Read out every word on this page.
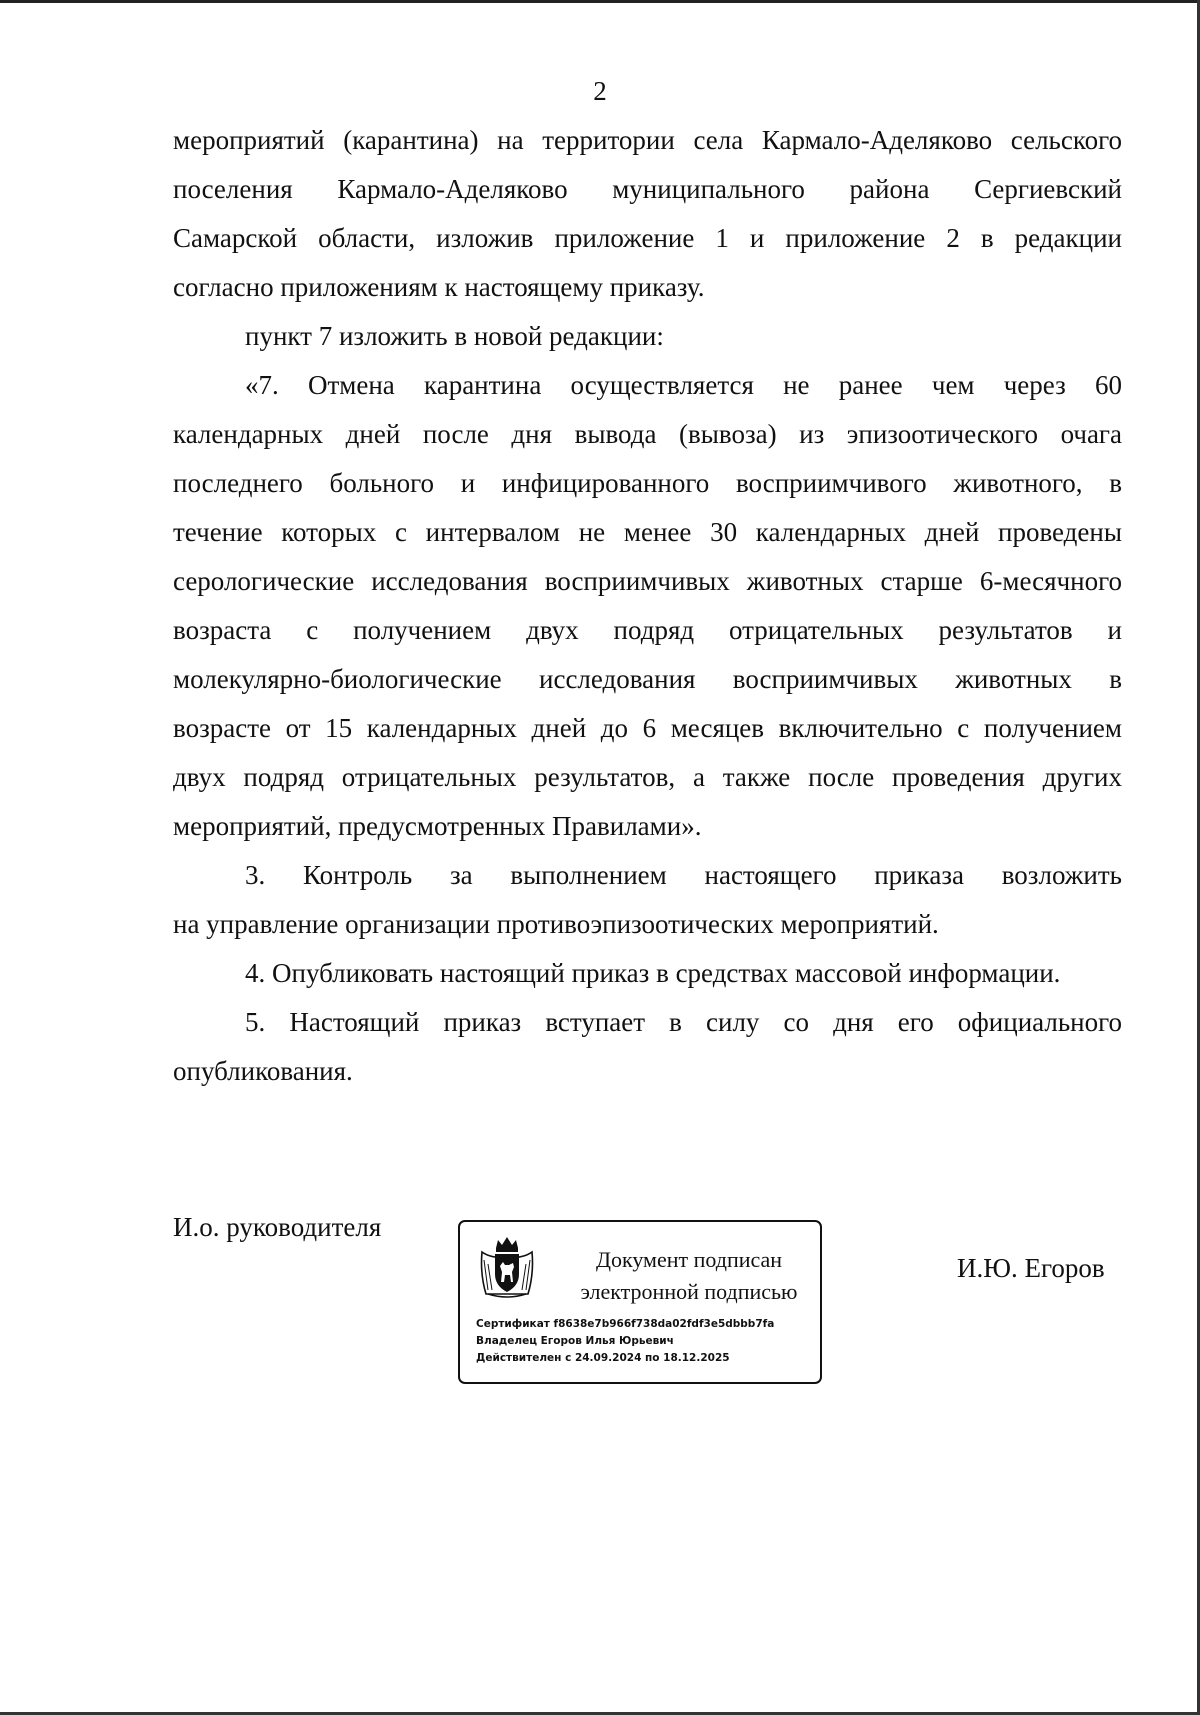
2
мероприятий (карантина) на территории села Кармало-Аделяково сельского
поселения Кармало-Аделяково муниципального района Сергиевский
Самарской области, изложив приложение 1 и приложение 2 в редакции
согласно приложениям к настоящему приказу.

пункт 7 изложить в новой редакции:

«7. Отмена карантина осуществляется не ранее чем через 60
календарных дней после дня вывода (вывоза) из эпизоотического очага
последнего больного и инфицированного восприимчивого животного, в
течение которых с интервалом не менее 30 календарных дней проведены
серологические исследования восприимчивых животных старше 6-месячного
возраста с получением двух подряд отрицательных результатов и
молекулярно-биологические исследования восприимчивых животных в
возрасте от 15 календарных дней до 6 месяцев включительно с получением
двух подряд отрицательных результатов, а также после проведения других
мероприятий, предусмотренных Правилами».
3. Контроль за выполнением настоящего приказа возложить
на управление организации противоэпизоотических мероприятий.
4. Опубликовать настоящий приказ в средствах массовой информации.
5. Настоящий приказ вступает в силу со дня его официального
опубликования.
И.о. руководителя
Документ подписан
электронной подписью
Сертификат f8638e7b966f738da02fdf3e5dbbb7fa
Владелец Егоров Илья Юрьевич
Действителен с 24.09.2024 по 18.12.2025
И.Ю. Егоров
